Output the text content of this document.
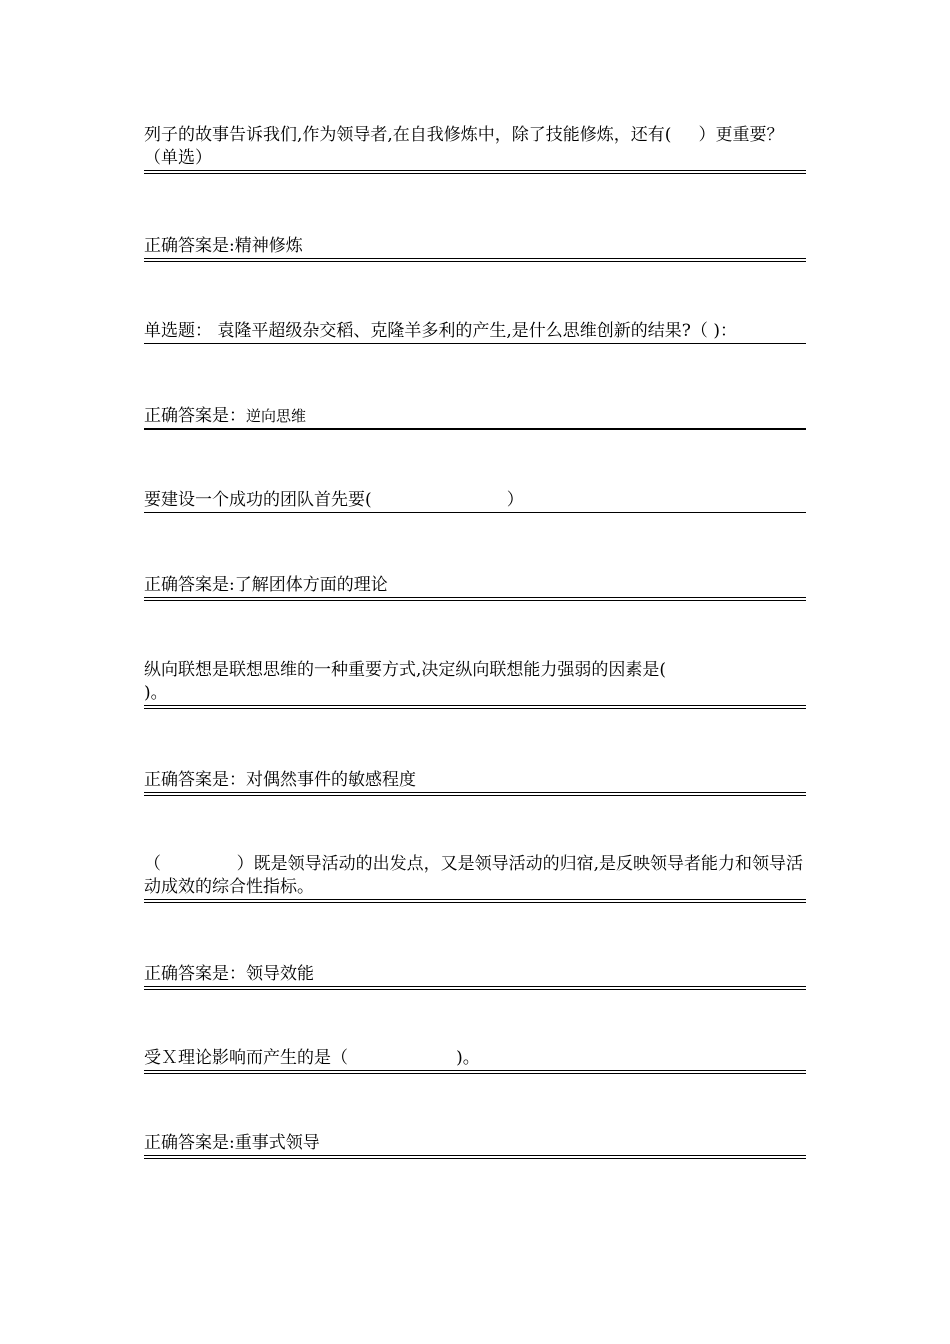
列子的故事告诉我们,作为领导者,在自我修炼中，除了技能修炼，还有(     ）更重要？（单选）
正确答案是:精神修炼
单选题： 袁隆平超级杂交稻、克隆羊多利的产生,是什么思维创新的结果?（ )：
正确答案是：逆向思维
要建设一个成功的团队首先要(                         ）
正确答案是:了解团体方面的理论
纵向联想是联想思维的一种重要方式,决定纵向联想能力强弱的因素是(
)。
正确答案是：对偶然事件的敏感程度
（              ）既是领导活动的出发点，又是领导活动的归宿,是反映领导者能力和领导活动成效的综合性指标。
正确答案是：领导效能
受Ｘ理论影响而产生的是（                    )。
正确答案是:重事式领导
